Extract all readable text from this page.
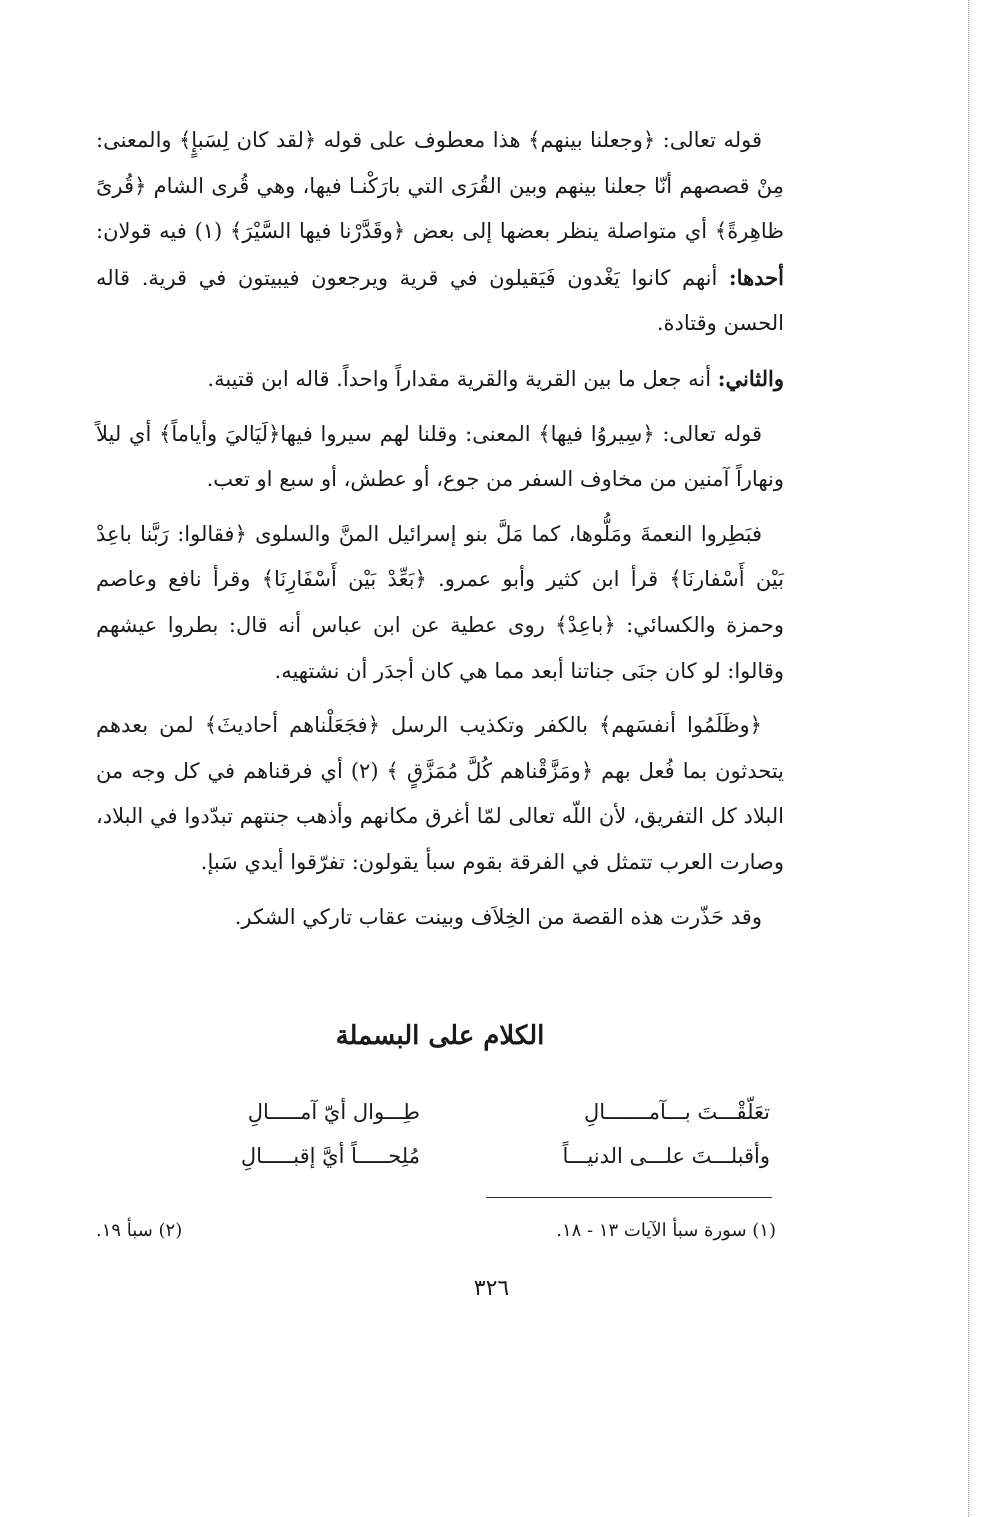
قوله تعالى: ﴿وجعلنا بينهم﴾ هذا معطوف على قوله ﴿لقد كان لِسَبإٍ﴾ والمعنى: مِنْ قصصهم أنّا جعلنا بينهم وبين القُرَى التي بارَكْنـا فيها، وهي قُرى الشام ﴿قُرىً ظاهِرةً﴾ أي متواصلة ينظر بعضها إلى بعض ﴿وقَدَّرْنا فيها السَّيْرَ﴾ (١) فيه قولان: أحدها: أنهم كانوا يَغْدون فَيَقيلون في قرية ويرجعون فيبيتون في قرية. قاله الحسن وقتادة.

والثاني: أنه جعل ما بين القرية والقرية مقداراً واحداً. قاله ابن قتيبة.

قوله تعالى: ﴿سِيروُا فيها﴾ المعنى: وقلنا لهم سيروا فيها﴿لَيَاليَ وأياماً﴾ أي ليلاً ونهاراً آمنين من مخاوف السفر من جوع، أو عطش، أو سبع او تعب.

فبَطِروا النعمةَ ومَلُّوها، كما مَلَّ بنو إسرائيل المنَّ والسلوى ﴿فقالوا: رَبَّنا باعِدْ بَيْن أَسْفارنَا﴾ قرأ ابن كثير وأبو عمرو. ﴿بَعِّدْ بَيْن أَسْفَارِنَا﴾ وقرأ نافع وعاصم وحمزة والكسائي: ﴿باعِدْ﴾ روى عطية عن ابن عباس أنه قال: بطروا عيشهم وقالوا: لو كان جنَى جناتنا أبعد مما هي كان أجدَر أن نشتهيه.

﴿وظَلَمُوا أنفسَهم﴾ بالكفر وتكذيب الرسل ﴿فجَعَلْناهم أحاديثَ﴾ لمن بعدهم يتحدثون بما فُعل بهم ﴿ومَزَّقْناهم كُلَّ مُمَزَّقٍ ﴾ (٢) أي فرقناهم في كل وجه من البلاد كل التفريق، لأن اللّه تعالى لمّا أغرق مكانهم وأذهب جنتهم تبدّدوا في البلاد، وصارت العرب تتمثل في الفرقة بقوم سبأ يقولون: تفرّقوا أيدي سَبإ.

وقد حَذّرت هذه القصة من الخِلاَف وبينت عقاب تاركي الشكر.

الكلام على البسملة
تعَلّقْـــتَ بـــآمـــــــالِ
طِـــوال أيّ آمـــــالِ
وأقبلـــتَ علـــى الدنيـــاً
مُلِحـــــاً أيَّ إقبـــــالِ
(١) سورة سبأ الآيات ١٣ - ١٨.
(٢) سبأ ١٩.
٣٢٦
